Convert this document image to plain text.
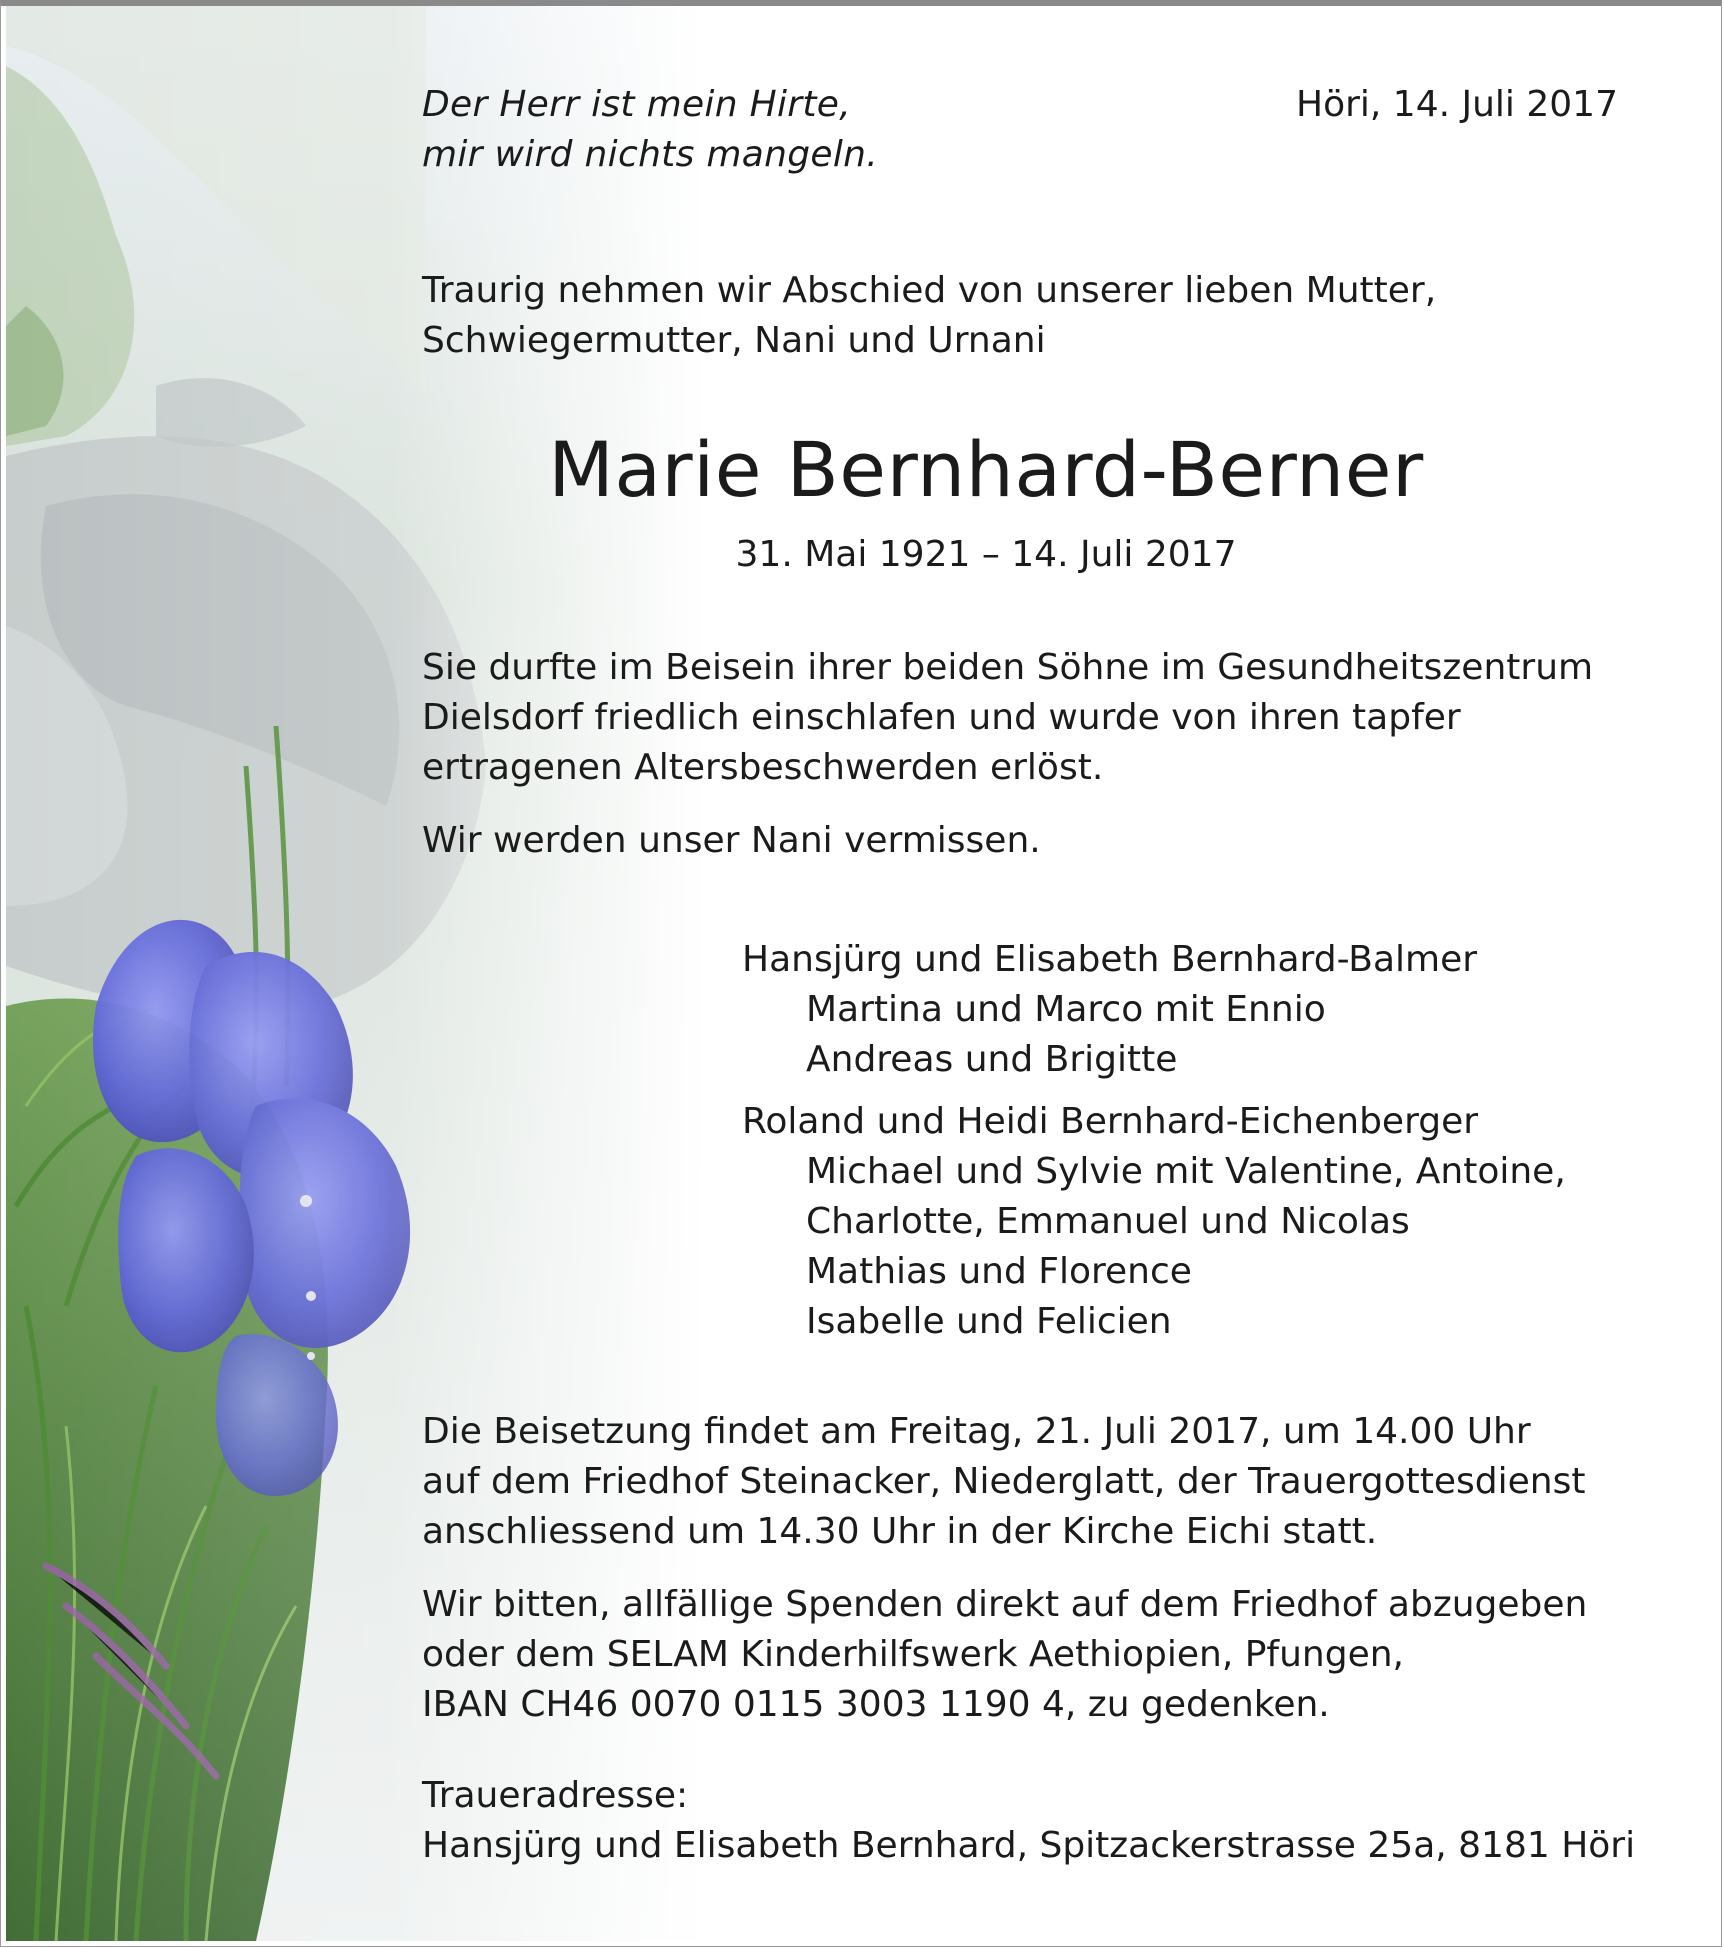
Der Herr ist mein Hirte,
mir wird nichts mangeln.
Höri, 14. Juli 2017
Traurig nehmen wir Abschied von unserer lieben Mutter,
Schwiegermutter, Nani und Urnani
Marie Bernhard-Berner
31. Mai 1921 – 14. Juli 2017
Sie durfte im Beisein ihrer beiden Söhne im Gesundheitszentrum
Dielsdorf friedlich einschlafen und wurde von ihren tapfer
ertragenen Altersbeschwerden erlöst.
Wir werden unser Nani vermissen.
Hansjürg und Elisabeth Bernhard-Balmer
Martina und Marco mit Ennio
Andreas und Brigitte
Roland und Heidi Bernhard-Eichenberger
Michael und Sylvie mit Valentine, Antoine,
Charlotte, Emmanuel und Nicolas
Mathias und Florence
Isabelle und Felicien
Die Beisetzung findet am Freitag, 21. Juli 2017, um 14.00 Uhr
auf dem Friedhof Steinacker, Niederglatt, der Trauergottesdienst
anschliessend um 14.30 Uhr in der Kirche Eichi statt.
Wir bitten, allfällige Spenden direkt auf dem Friedhof abzugeben
oder dem SELAM Kinderhilfswerk Aethiopien, Pfungen,
IBAN CH46 0070 0115 3003 1190 4, zu gedenken.
Traueradresse:
Hansjürg und Elisabeth Bernhard, Spitzackerstrasse 25a, 8181 Höri
